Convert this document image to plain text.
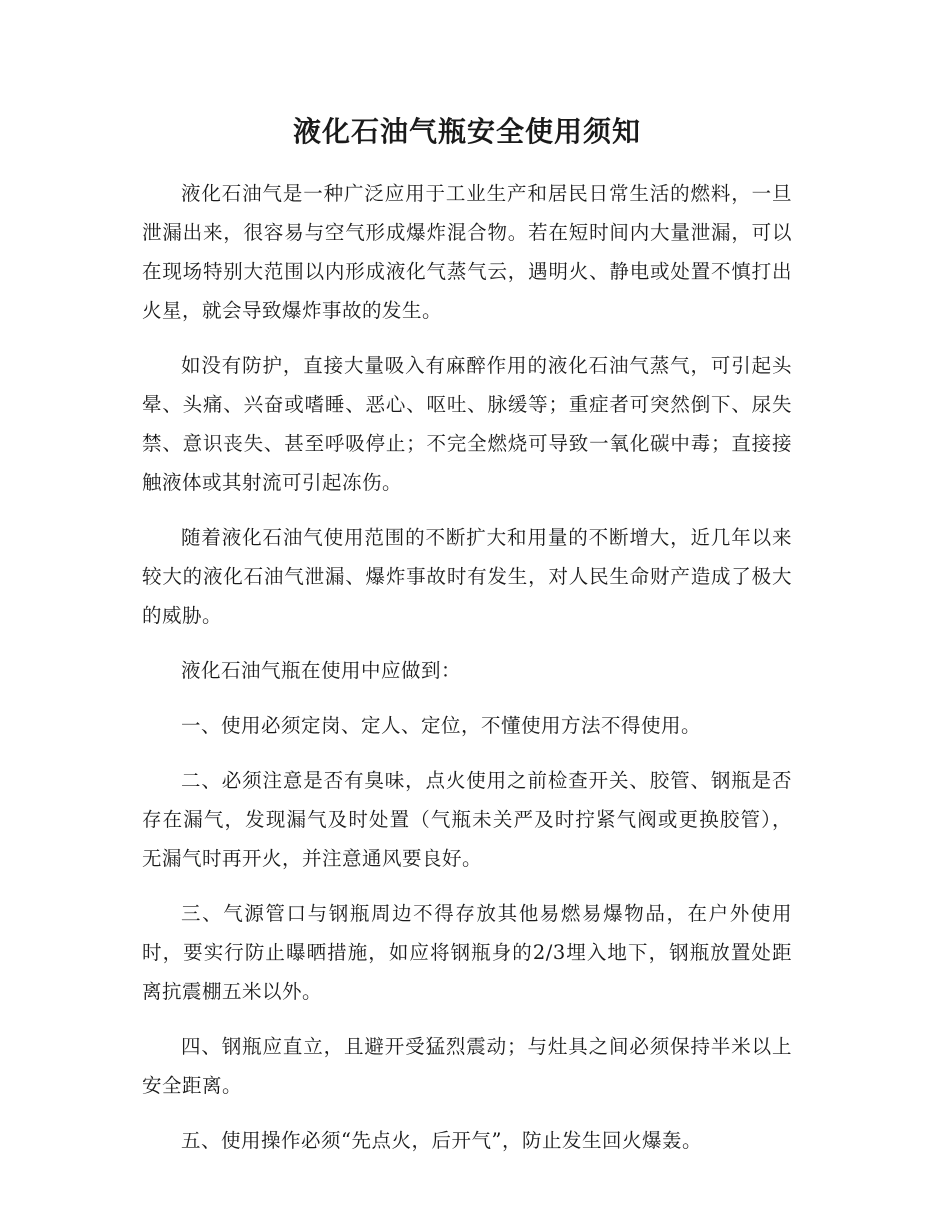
液化石油气瓶安全使用须知

液化石油气是一种广泛应用于工业生产和居民日常生活的燃料，一旦泄漏出来，很容易与空气形成爆炸混合物。若在短时间内大量泄漏，可以在现场特别大范围以内形成液化气蒸气云，遇明火、静电或处置不慎打出火星，就会导致爆炸事故的发生。

如没有防护，直接大量吸入有麻醉作用的液化石油气蒸气，可引起头晕、头痛、兴奋或嗜睡、恶心、呕吐、脉缓等；重症者可突然倒下、尿失禁、意识丧失、甚至呼吸停止；不完全燃烧可导致一氧化碳中毒；直接接触液体或其射流可引起冻伤。

随着液化石油气使用范围的不断扩大和用量的不断增大，近几年以来较大的液化石油气泄漏、爆炸事故时有发生，对人民生命财产造成了极大的威胁。

液化石油气瓶在使用中应做到：

一、使用必须定岗、定人、定位，不懂使用方法不得使用。

二、必须注意是否有臭味，点火使用之前检查开关、胶管、钢瓶是否存在漏气，发现漏气及时处置（气瓶未关严及时拧紧气阀或更换胶管），无漏气时再开火，并注意通风要良好。

三、气源管口与钢瓶周边不得存放其他易燃易爆物品，在户外使用时，要实行防止曝晒措施，如应将钢瓶身的2/3埋入地下，钢瓶放置处距离抗震棚五米以外。

四、钢瓶应直立，且避开受猛烈震动；与灶具之间必须保持半米以上安全距离。

五、使用操作必须“先点火，后开气”，防止发生回火爆轰。
